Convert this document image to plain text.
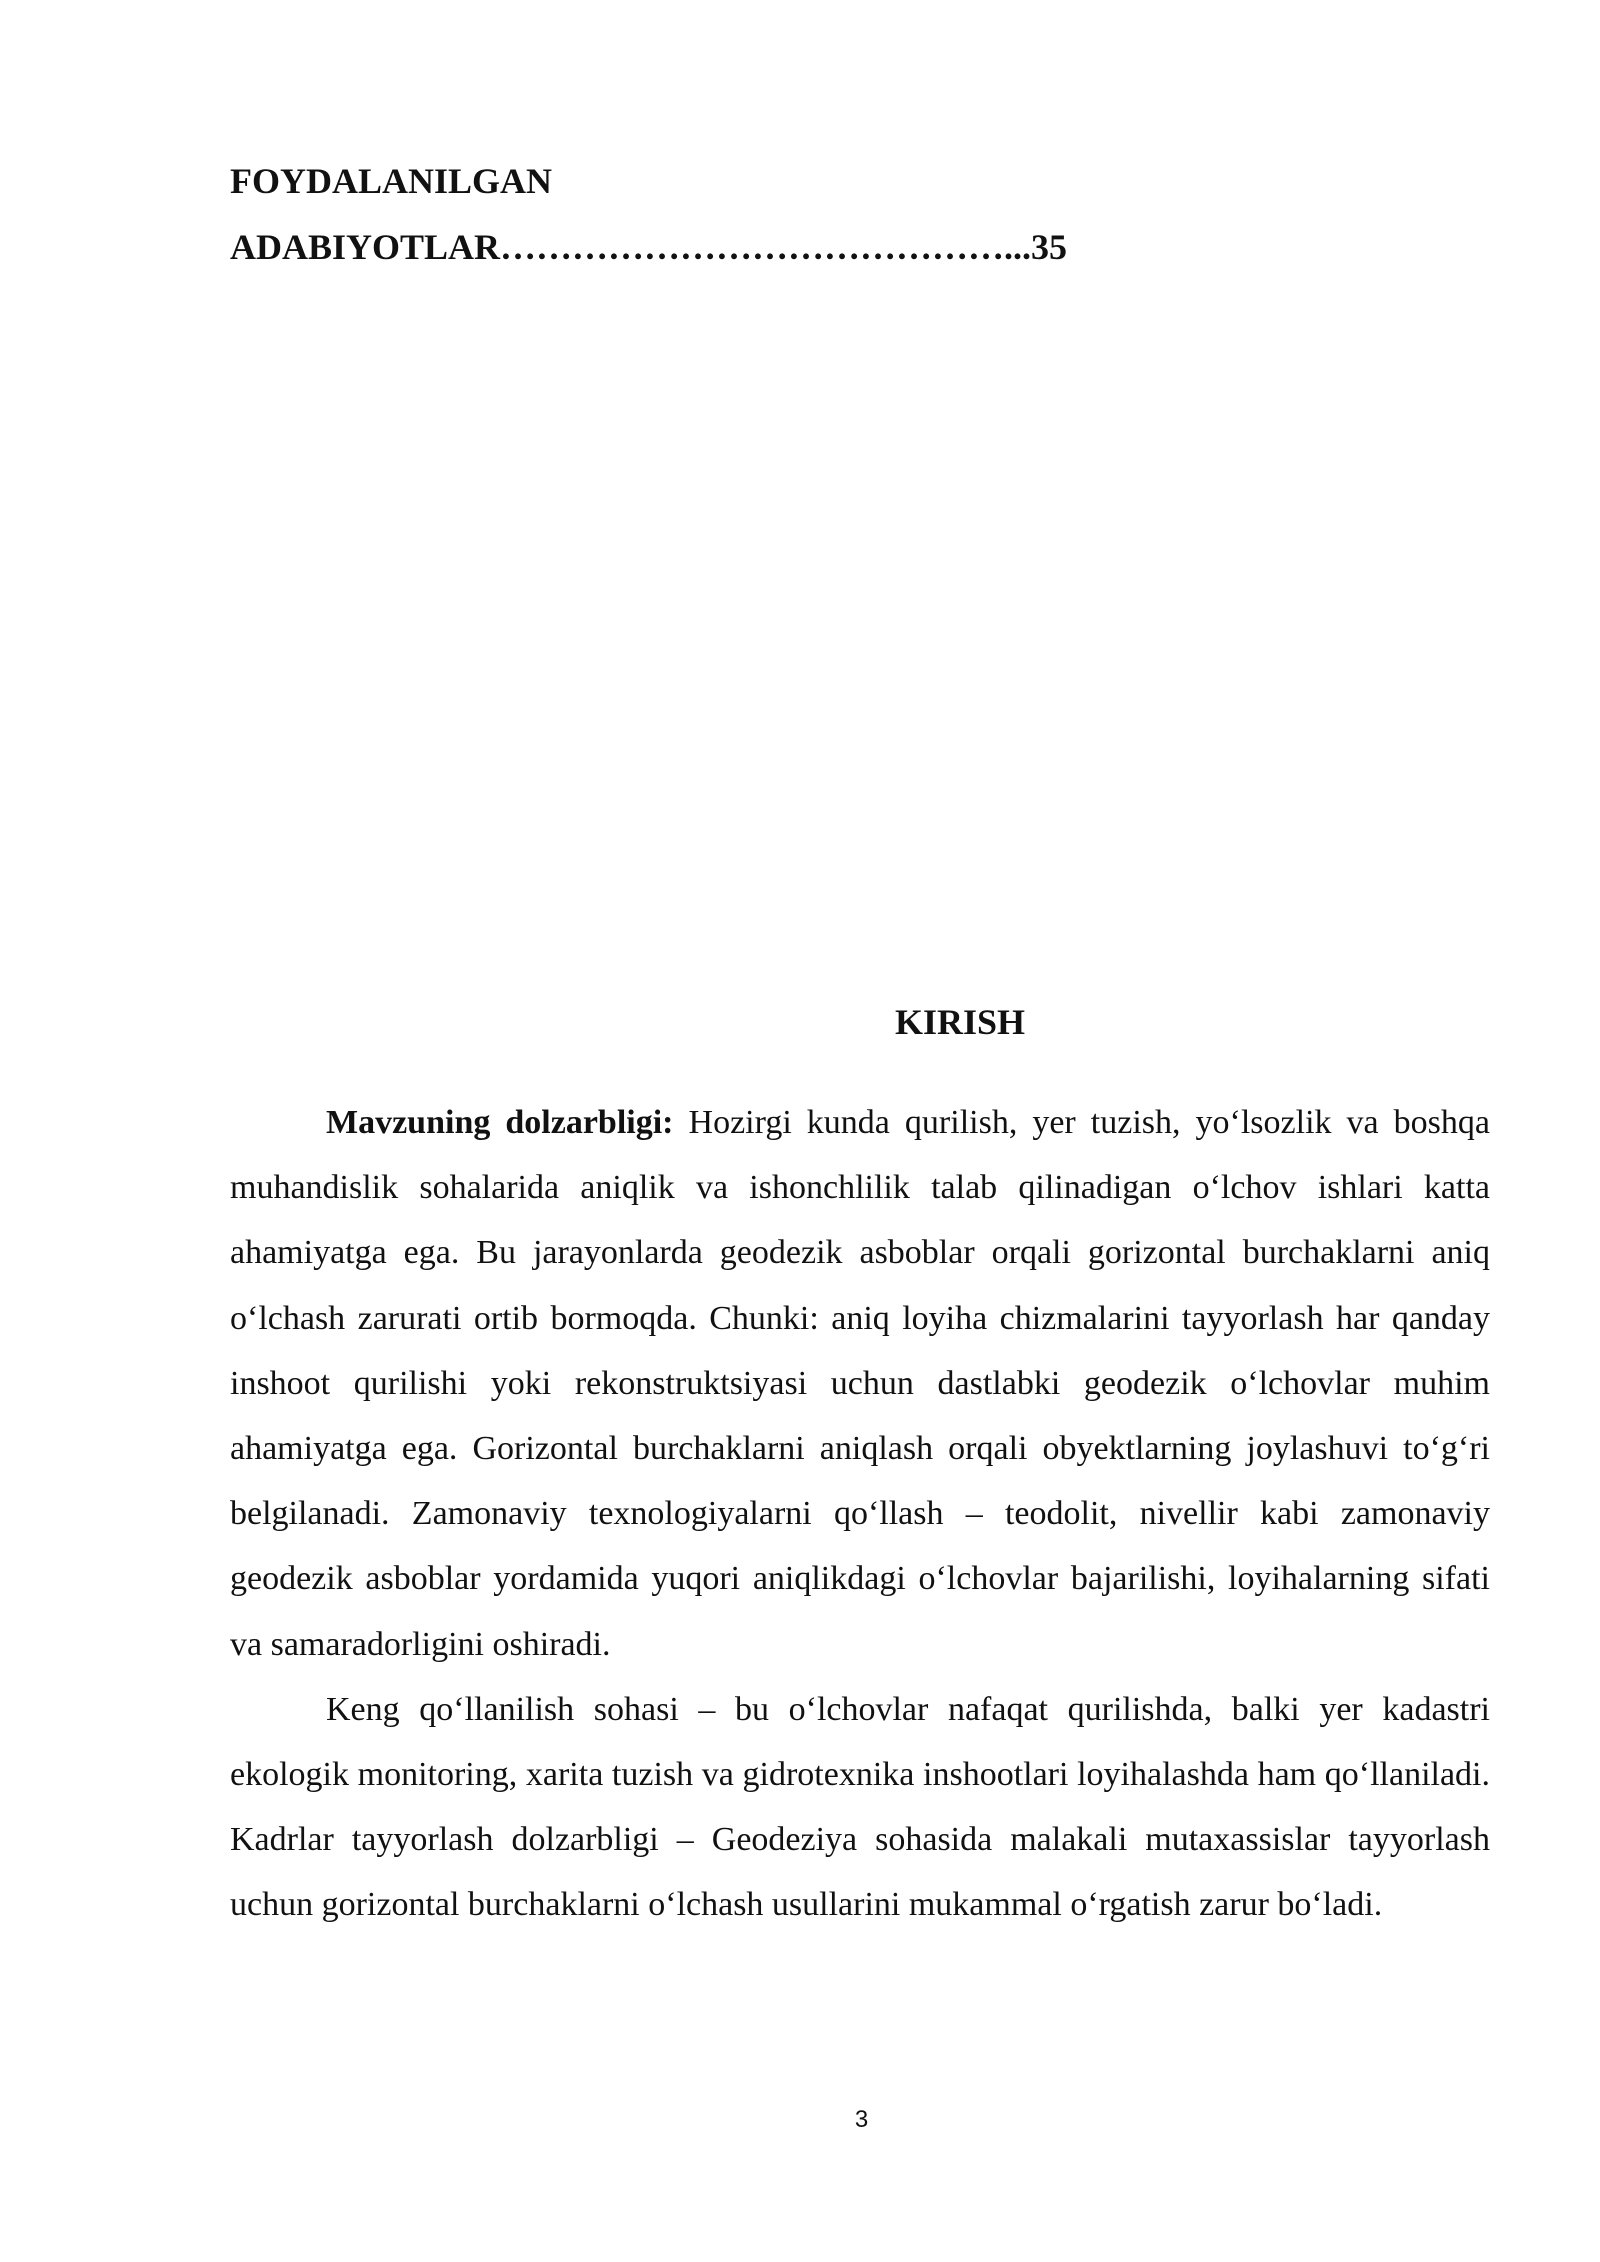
FOYDALANILGAN
ADABIYOTLAR……………………………………...35
KIRISH

Mavzuning dolzarbligi: Hozirgi kunda qurilish, yer tuzish, yo‘lsozlik va boshqa muhandislik sohalarida aniqlik va ishonchlilik talab qilinadigan o‘lchov ishlari katta ahamiyatga ega. Bu jarayonlarda geodezik asboblar orqali gorizontal burchaklarni aniq o‘lchash zarurati ortib bormoqda. Chunki: aniq loyiha chizmalarini tayyorlash har qanday inshoot qurilishi yoki rekonstruktsiyasi uchun dastlabki geodezik o‘lchovlar muhim ahamiyatga ega. Gorizontal burchaklarni aniqlash orqali obyektlarning joylashuvi to‘g‘ri belgilanadi. Zamonaviy texnologiyalarni qo‘llash – teodolit, nivellir kabi zamonaviy geodezik asboblar yordamida yuqori aniqlikdagi o‘lchovlar bajarilishi, loyihalarning sifati va samaradorligini oshiradi.

Keng qo‘llanilish sohasi – bu o‘lchovlar nafaqat qurilishda, balki yer kadastri ekologik monitoring, xarita tuzish va gidrotexnika inshootlari loyihalashda ham qo‘llaniladi. Kadrlar tayyorlash dolzarbligi – Geodeziya sohasida malakali mutaxassislar tayyorlash uchun gorizontal burchaklarni o‘lchash usullarini mukammal o‘rgatish zarur bo‘ladi.

3
